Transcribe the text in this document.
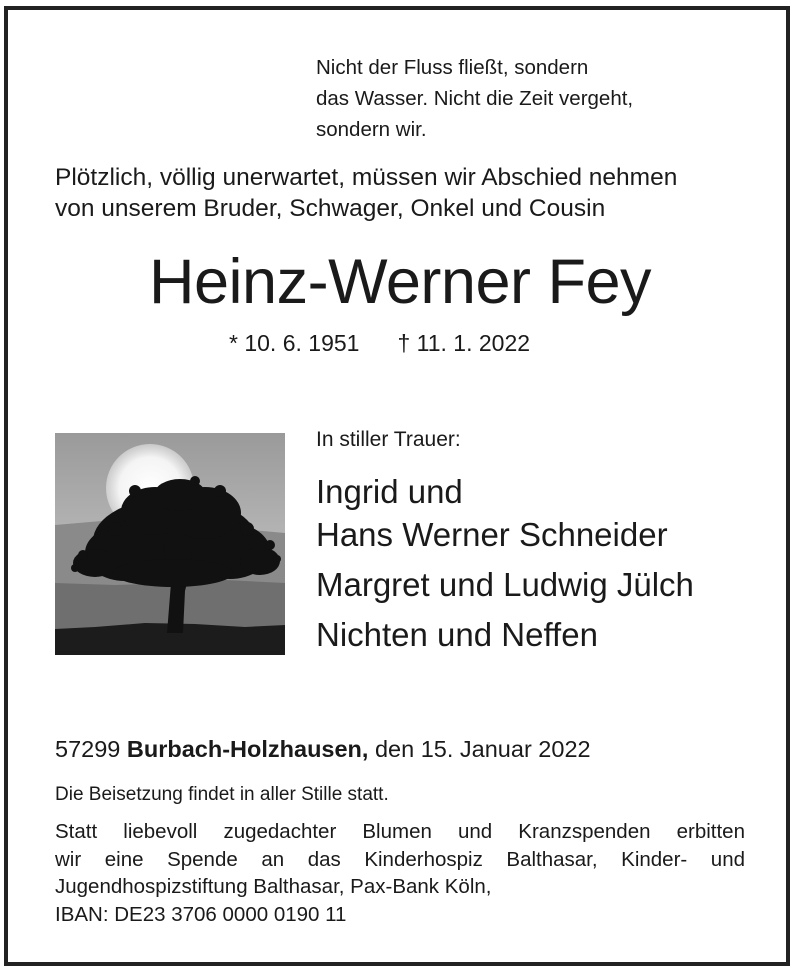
Nicht der Fluss fließt, sondern

das Wasser. Nicht die Zeit vergeht,

sondern wir.

Plötzlich, völlig unerwartet, müssen wir Abschied nehmen

von unserem Bruder, Schwager, Onkel und Cousin

Heinz-Werner Fey
* 10. 6. 1951 † 11. 1. 2022
In stiller Trauer:

Ingrid und

Hans Werner Schneider

Margret und Ludwig Jülch

Nichten und Neffen

57299 Burbach-Holzhausen, den 15. Januar 2022
Die Beisetzung findet in aller Stille statt.

Statt liebevoll zugedachter Blumen und Kranzspenden erbitten

wir eine Spende an das Kinderhospiz Balthasar, Kinder- und

Jugendhospizstiftung Balthasar, Pax-Bank Köln,

IBAN: DE23 3706 0000 0190 11
